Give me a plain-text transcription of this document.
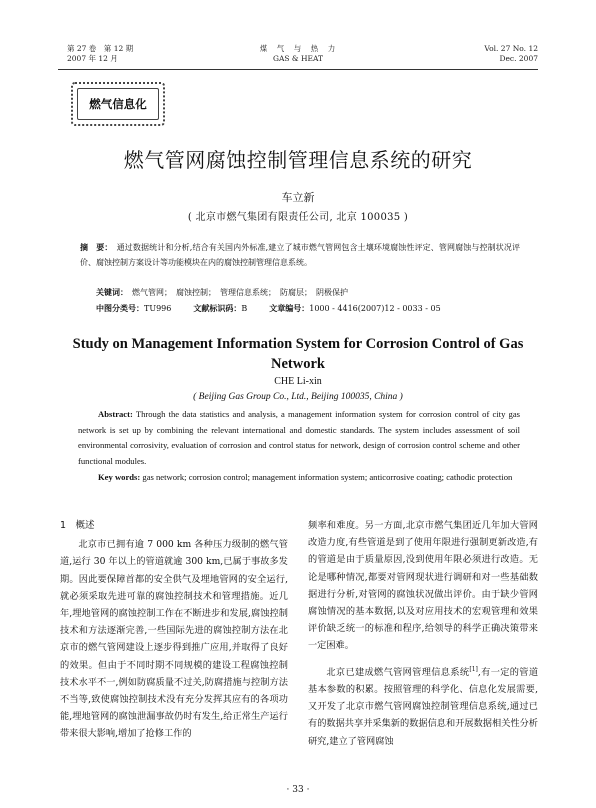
第 27 卷　第 12 期
2007 年 12 月
煤　气　与　热　力
GAS & HEAT
Vol. 27 No. 12
Dec. 2007
燃气信息化
燃气管网腐蚀控制管理信息系统的研究
车立新
( 北京市燃气集团有限责任公司, 北京 100035 )
摘　要：　通过数据统计和分析,结合有关国内外标准,建立了城市燃气管网包含土壤环境腐蚀性评定、管网腐蚀与控制状况评价、腐蚀控制方案设计等功能模块在内的腐蚀控制管理信息系统。
关键词：　燃气管网；　腐蚀控制；　管理信息系统；　防腐层；　阴极保护
中图分类号：TU996	文献标识码：B	文章编号：1000 - 4416(2007)12 - 0033 - 05
Study on Management Information System for Corrosion Control of Gas Network
CHE Li-xin
( Beijing Gas Group Co., Ltd., Beijing 100035, China )
Abstract: Through the data statistics and analysis, a management information system for corrosion control of city gas network is set up by combining the relevant international and domestic standards. The system includes assessment of soil environmental corrosivity, evaluation of corrosion and control status for network, design of corrosion control scheme and other functional modules.
Key words: gas network; corrosion control; management information system; anticorrosive coating; cathodic protection
1　概述
北京市已拥有逾 7 000 km 各种压力级制的燃气管道,运行 30 年以上的管道就逾 300 km,已属于事故多发期。因此要保障首都的安全供气及埋地管网的安全运行,就必须采取先进可靠的腐蚀控制技术和管理措施。近几年,埋地管网的腐蚀控制工作在不断进步和发展,腐蚀控制技术和方法逐渐完善,一些国际先进的腐蚀控制方法在北京市的燃气管网建设上逐步得到推广应用,并取得了良好的效果。但由于不同时期不同规模的建设工程腐蚀控制技术水平不一,例如防腐质量不过关,防腐措施与控制方法不当等,致使腐蚀控制技术没有充分发挥其应有的各项功能,埋地管网的腐蚀泄漏事故仍时有发生,给正常生产运行带来很大影响,增加了抢修工作的
频率和难度。另一方面,北京市燃气集团近几年加大管网改造力度,有些管道是到了使用年限进行强制更新改造,有的管道是由于质量原因,没到使用年限必须进行改造。无论是哪种情况,都要对管网现状进行调研和对一些基础数据进行分析,对管网的腐蚀状况做出评价。由于缺少管网腐蚀情况的基本数据,以及对应用技术的宏观管理和效果评价缺乏统一的标准和程序,给领导的科学正确决策带来一定困难。
北京已建成燃气管网管理信息系统[1],有一定的管道基本参数的积累。按照管理的科学化、信息化发展需要,又开发了北京市燃气管网腐蚀控制管理信息系统,通过已有的数据共享并采集新的数据信息和开展数据相关性分析研究,建立了管网腐蚀
· 33 ·
